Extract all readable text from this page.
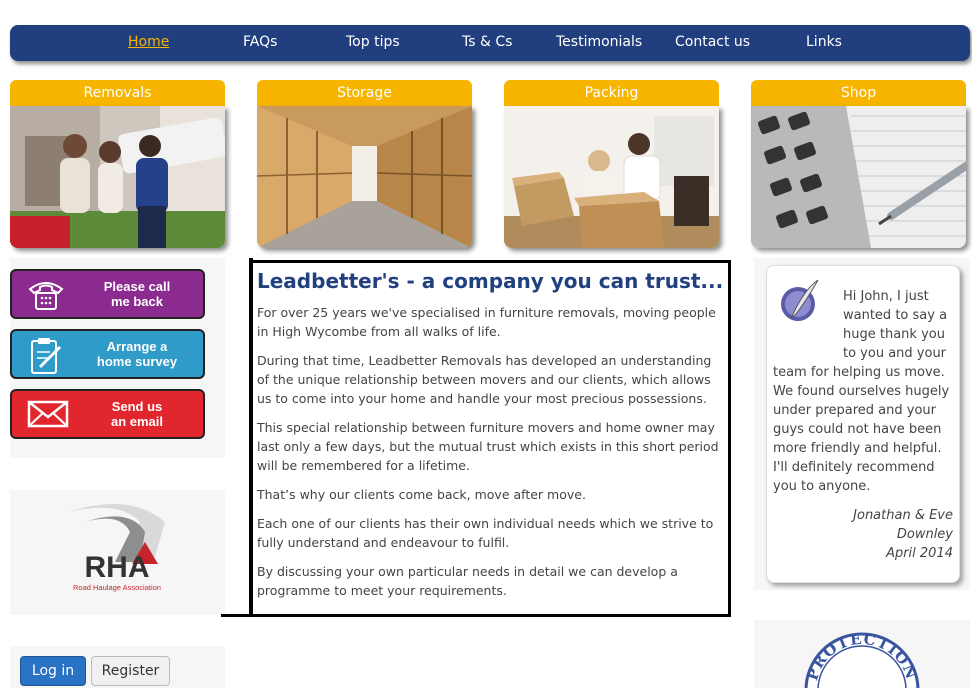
Home	FAQs	Top tips	Ts & Cs	Testimonials Contact us	Links
Removals	Storage	Packing	Shop
Please call
me back
Arrange a
home survey
Send us
an email
RHA
Road Haulage Association
Log in	Register
Leadbetter's - a company you can trust...

For over 25 years we've specialised in furniture removals, moving people in High Wycombe from all walks of life.

During that time, Leadbetter Removals has developed an understanding of the unique relationship between movers and our clients, which allows us to come into your home and handle your most precious possessions.

This special relationship between furniture movers and home owner may last only a few days, but the mutual trust which exists in this short period will be remembered for a lifetime.

That’s why our clients come back, move after move.

Each one of our clients has their own individual needs which we strive to fully understand and endeavour to fulfil.

By discussing your own particular needs in detail we can develop a programme to meet your requirements.

Hi John, I just wanted to say a huge thank you to you and your team for helping us move. We found ourselves hugely under prepared and your guys could not have been more friendly and helpful.
I'll definitely recommend you to anyone.
Jonathan & Eve
Downley
April 2014
PROTECTION
